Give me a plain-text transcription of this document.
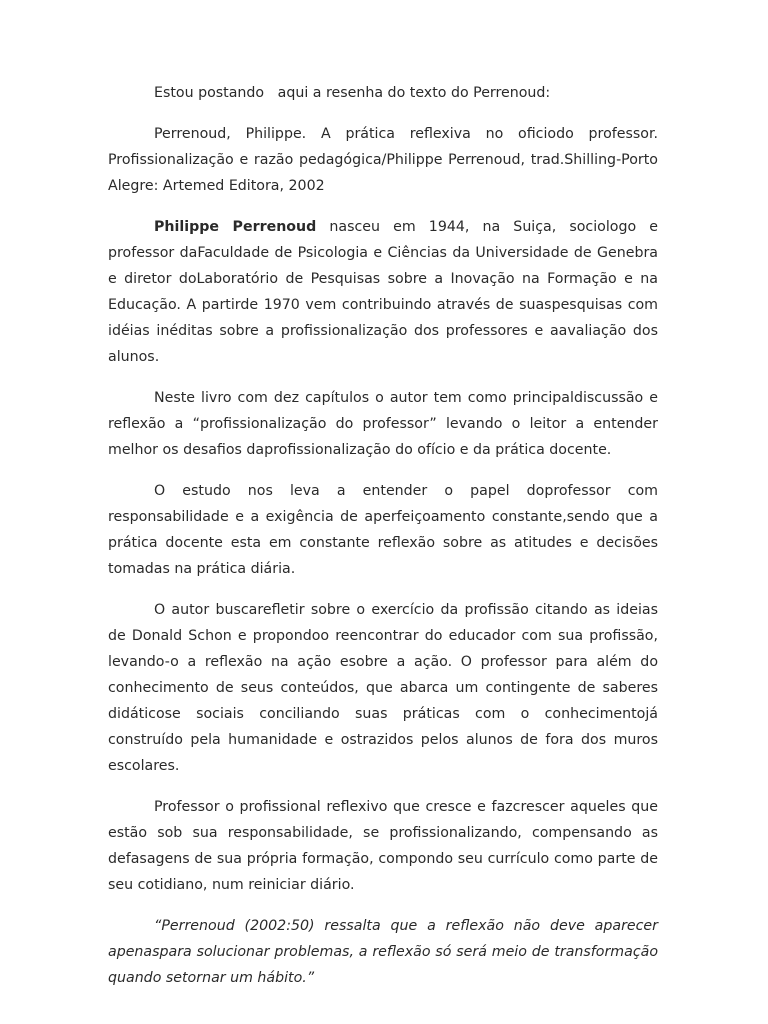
Estou postando   aqui a resenha do texto do Perrenoud:

Perrenoud, Philippe. A prática reflexiva no oficiodo professor. Profissionalização e razão pedagógica/Philippe Perrenoud, trad.Shilling-Porto Alegre: Artemed Editora, 2002

Philippe Perrenoud nasceu em 1944, na Suiça, sociologo e professor daFaculdade de Psicologia e Ciências da Universidade de Genebra e diretor doLaboratório de Pesquisas sobre a Inovação na Formação e na Educação. A partirde 1970 vem contribuindo através de suaspesquisas com idéias inéditas sobre a profissionalização dos professores e aavaliação dos alunos.

Neste livro com dez capítulos o autor tem como principaldiscussão e reflexão a “profissionalização do professor” levando o leitor a entender melhor os desafios daprofissionalização do ofício e da prática docente.

O estudo nos leva a entender o papel doprofessor com responsabilidade e a exigência de aperfeiçoamento constante,sendo que a prática docente esta em constante reflexão sobre as atitudes e decisões tomadas na prática diária.

O autor buscarefletir sobre o exercício da profissão citando as ideias de Donald Schon e propondoo reencontrar do educador com sua profissão, levando-o a reflexão na ação esobre a ação. O professor para além do conhecimento de seus conteúdos, que abarca um contingente de saberes didáticose sociais conciliando suas práticas com o conhecimentojá construído pela humanidade e ostrazidos pelos alunos de fora dos muros escolares.

Professor o profissional reflexivo que cresce e fazcrescer aqueles que estão sob sua responsabilidade, se profissionalizando, compensando as defasagens de sua própria formação, compondo seu currículo como parte de seu cotidiano, num reiniciar diário.

“Perrenoud (2002:50) ressalta que a reflexão não deve aparecer apenaspara solucionar problemas, a reflexão só será meio de transformação quando setornar um hábito.”
